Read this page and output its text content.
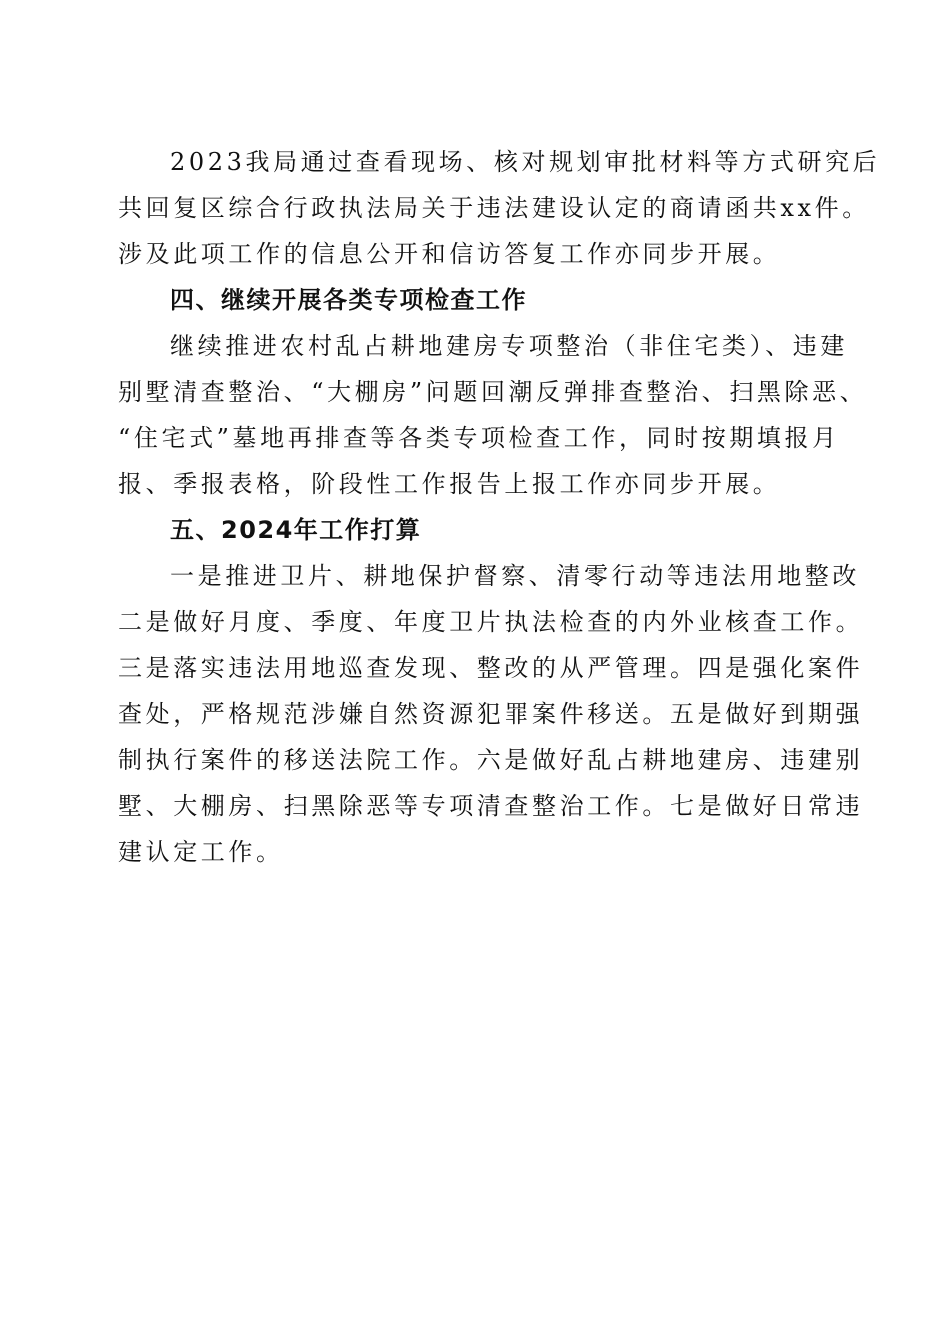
2023我局通过查看现场、核对规划审批材料等方式研究后
共回复区综合行政执法局关于违法建设认定的商请函共xx件。
涉及此项工作的信息公开和信访答复工作亦同步开展。
四、继续开展各类专项检查工作
继续推进农村乱占耕地建房专项整治（非住宅类）、违建
别墅清查整治、“大棚房”问题回潮反弹排查整治、扫黑除恶、
“住宅式”墓地再排查等各类专项检查工作，同时按期填报月
报、季报表格，阶段性工作报告上报工作亦同步开展。
五、2024年工作打算
一是推进卫片、耕地保护督察、清零行动等违法用地整改
二是做好月度、季度、年度卫片执法检查的内外业核查工作。
三是落实违法用地巡查发现、整改的从严管理。四是强化案件
查处，严格规范涉嫌自然资源犯罪案件移送。五是做好到期强
制执行案件的移送法院工作。六是做好乱占耕地建房、违建别
墅、大棚房、扫黑除恶等专项清查整治工作。七是做好日常违
建认定工作。
